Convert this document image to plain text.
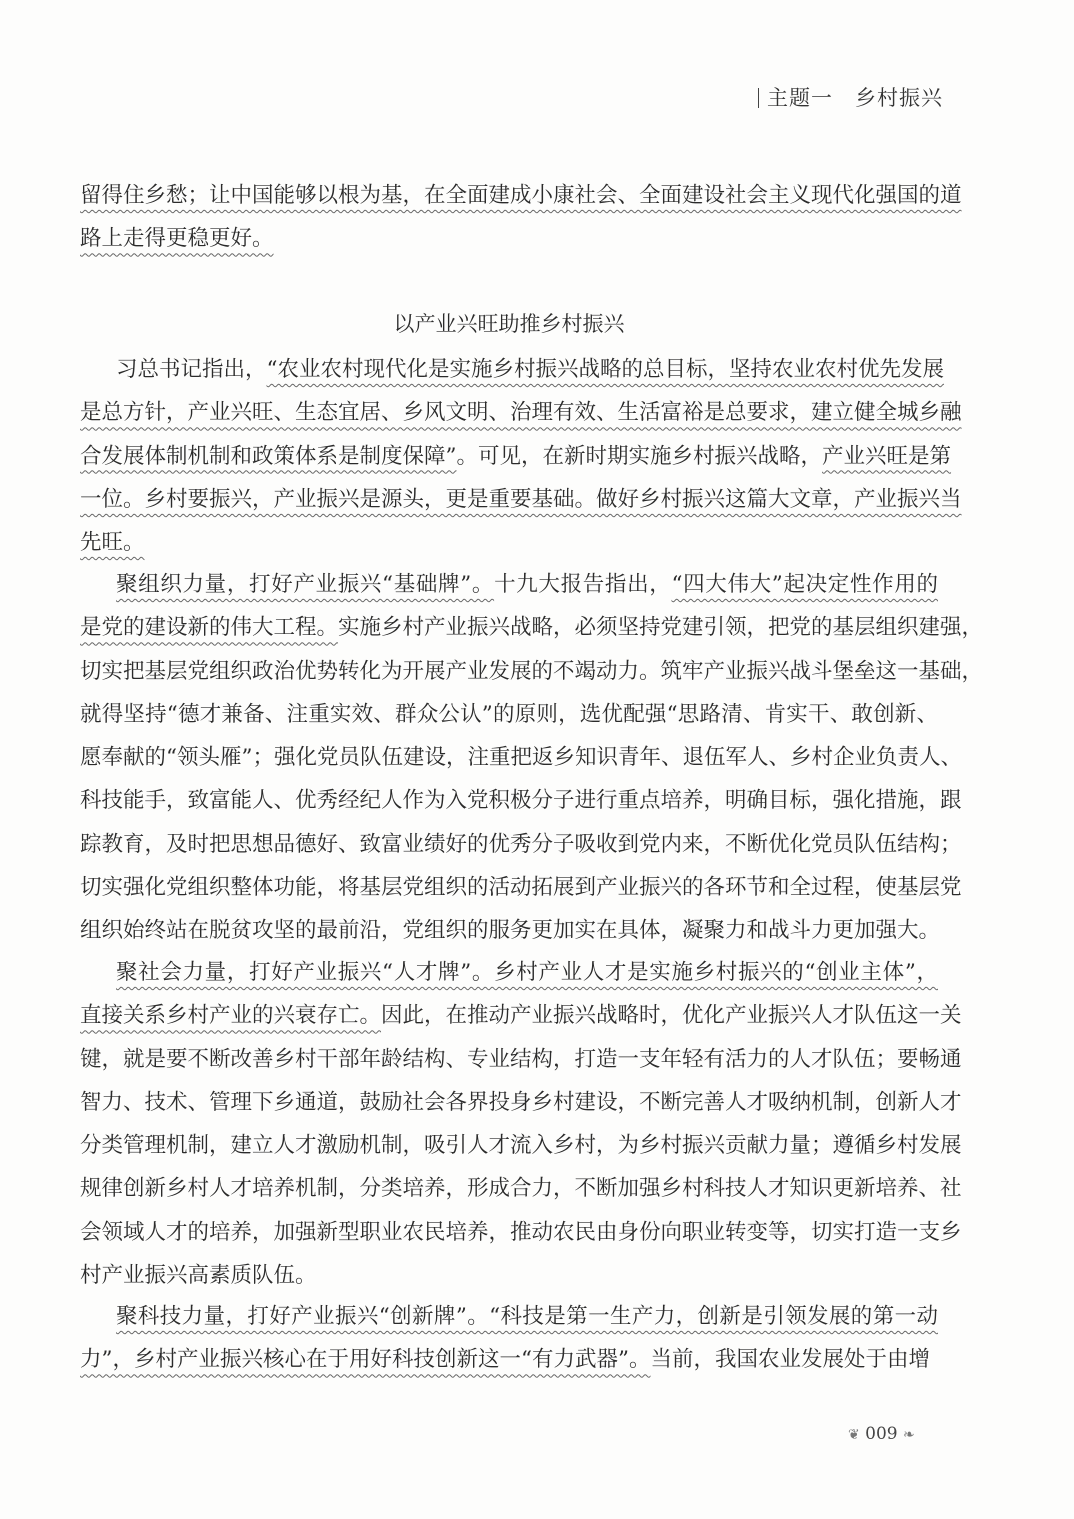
主题一 乡村振兴
留得住乡愁；让中国能够以根为基，在全面建成小康社会、全面建设社会主义现代化强国的道
路上走得更稳更好。
以产业兴旺助推乡村振兴
习总书记指出，“农业农村现代化是实施乡村振兴战略的总目标，坚持农业农村优先发展
是总方针，产业兴旺、生态宜居、乡风文明、治理有效、生活富裕是总要求，建立健全城乡融
合发展体制机制和政策体系是制度保障”。可见，在新时期实施乡村振兴战略，产业兴旺是第
一位。乡村要振兴，产业振兴是源头，更是重要基础。做好乡村振兴这篇大文章，产业振兴当
先旺。
聚组织力量，打好产业振兴“基础牌”。十九大报告指出，“四大伟大”起决定性作用的
是党的建设新的伟大工程。实施乡村产业振兴战略，必须坚持党建引领，把党的基层组织建强，
切实把基层党组织政治优势转化为开展产业发展的不竭动力。筑牢产业振兴战斗堡垒这一基础，
就得坚持“德才兼备、注重实效、群众公认”的原则，选优配强“思路清、肯实干、敢创新、
愿奉献的“领头雁”；强化党员队伍建设，注重把返乡知识青年、退伍军人、乡村企业负责人、
科技能手，致富能人、优秀经纪人作为入党积极分子进行重点培养，明确目标，强化措施，跟
踪教育，及时把思想品德好、致富业绩好的优秀分子吸收到党内来，不断优化党员队伍结构；
切实强化党组织整体功能，将基层党组织的活动拓展到产业振兴的各环节和全过程，使基层党
组织始终站在脱贫攻坚的最前沿，党组织的服务更加实在具体，凝聚力和战斗力更加强大。
聚社会力量，打好产业振兴“人才牌”。乡村产业人才是实施乡村振兴的“创业主体”，
直接关系乡村产业的兴衰存亡。因此，在推动产业振兴战略时，优化产业振兴人才队伍这一关
键，就是要不断改善乡村干部年龄结构、专业结构，打造一支年轻有活力的人才队伍；要畅通
智力、技术、管理下乡通道，鼓励社会各界投身乡村建设，不断完善人才吸纳机制，创新人才
分类管理机制，建立人才激励机制，吸引人才流入乡村，为乡村振兴贡献力量；遵循乡村发展
规律创新乡村人才培养机制，分类培养，形成合力，不断加强乡村科技人才知识更新培养、社
会领域人才的培养，加强新型职业农民培养，推动农民由身份向职业转变等，切实打造一支乡
村产业振兴高素质队伍。
聚科技力量，打好产业振兴“创新牌”。“科技是第一生产力，创新是引领发展的第一动
力”，乡村产业振兴核心在于用好科技创新这一“有力武器”。当前，我国农业发展处于由增
❦ 009 ❧
